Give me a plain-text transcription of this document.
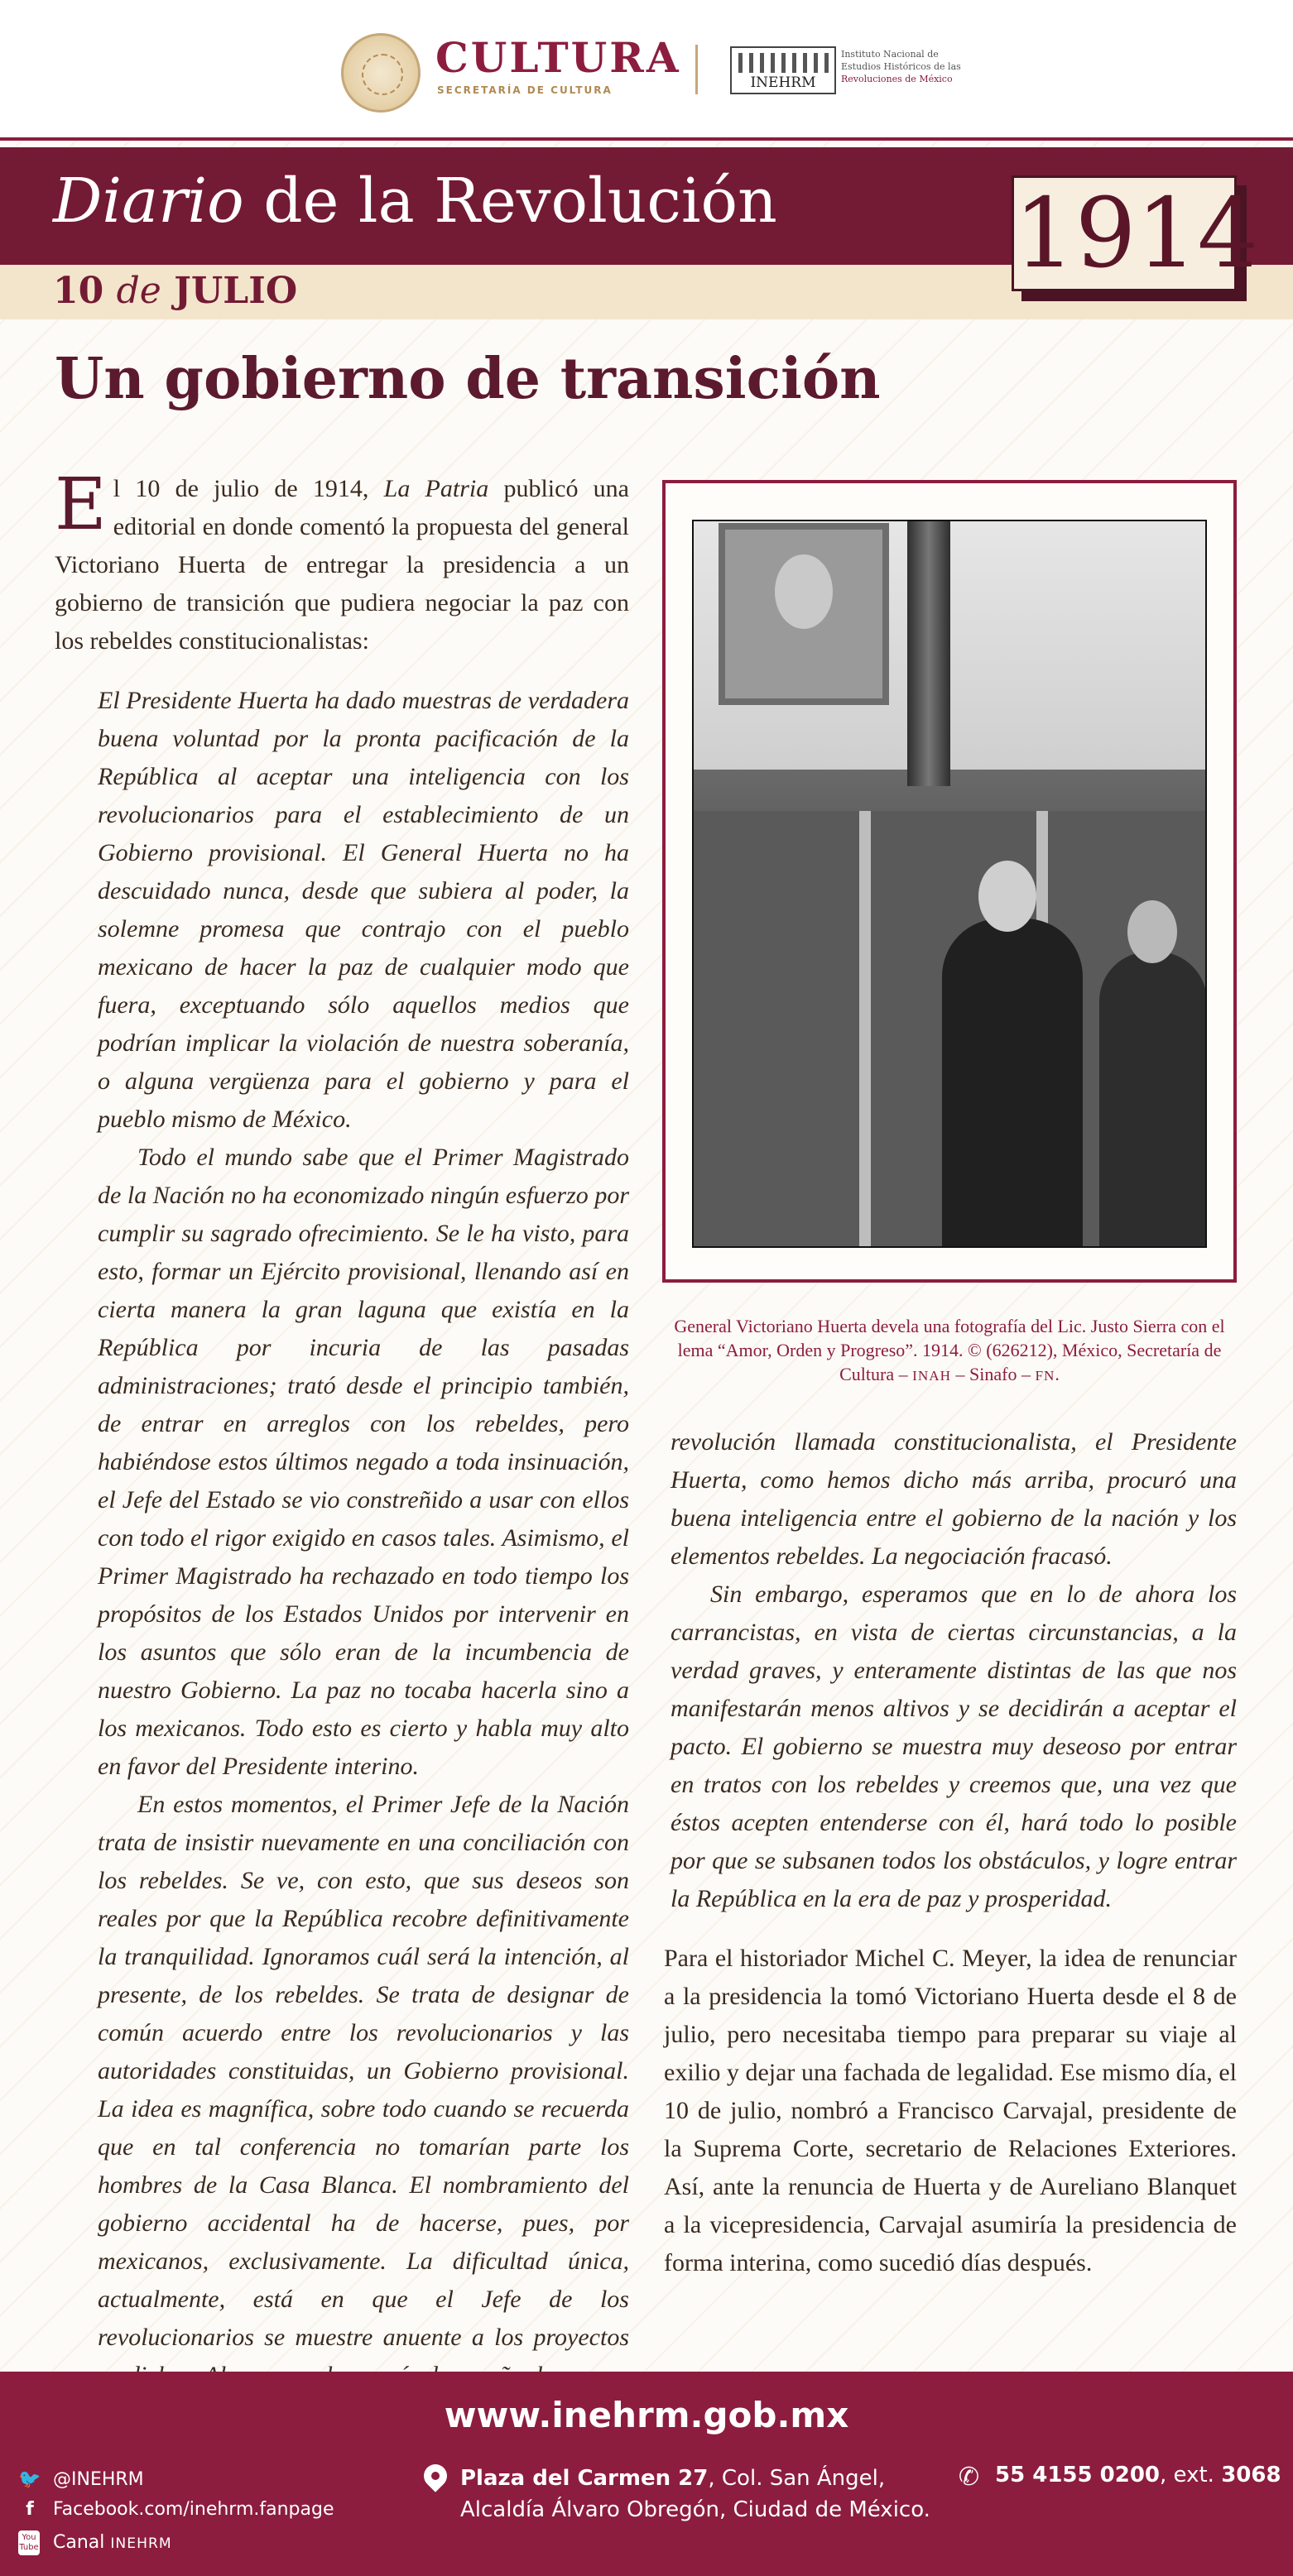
CULTURA
SECRETARÍA DE CULTURA	INEHRM
Instituto Nacional de
Estudios Históricos de las
Revoluciones de México
Diario de la Revolución
10 de JULIO
1914
Un gobierno de transición
El 10 de julio de 1914, La Patria publicó una editorial en donde comentó la propuesta del general Victoriano Huerta de entregar la presidencia a un gobierno de transición que pudiera negociar la paz con los rebeldes constitucionalistas:

El Presidente Huerta ha dado muestras de verdadera buena voluntad por la pronta pacificación de la República al aceptar una inteligencia con los revolucionarios para el establecimiento de un Gobierno provisional. El General Huerta no ha descuidado nunca, desde que subiera al poder, la solemne promesa que contrajo con el pueblo mexicano de hacer la paz de cualquier modo que fuera, exceptuando sólo aquellos medios que podrían implicar la violación de nuestra soberanía, o alguna vergüenza para el gobierno y para el pueblo mismo de México.

Todo el mundo sabe que el Primer Magistrado de la Nación no ha economizado ningún esfuerzo por cumplir su sagrado ofrecimiento. Se le ha visto, para esto, formar un Ejército provisional, llenando así en cierta manera la gran laguna que existía en la República por incuria de las pasadas administraciones; trató desde el principio también, de entrar en arreglos con los rebeldes, pero habiéndose estos últimos negado a toda insinuación, el Jefe del Estado se vio constreñido a usar con ellos con todo el rigor exigido en casos tales. Asimismo, el Primer Magistrado ha rechazado en todo tiempo los propósitos de los Estados Unidos por intervenir en los asuntos que sólo eran de la incumbencia de nuestro Gobierno. La paz no tocaba hacerla sino a los mexicanos. Todo esto es cierto y habla muy alto en favor del Presidente interino.

En estos momentos, el Primer Jefe de la Nación trata de insistir nuevamente en una conciliación con los rebeldes. Se ve, con esto, que sus deseos son reales por que la República recobre definitivamente la tranquilidad. Ignoramos cuál será la intención, al presente, de los rebeldes. Se trata de designar de común acuerdo entre los revolucionarios y las autoridades constituidas, un Gobierno provisional. La idea es magnífica, sobre todo cuando se recuerda que en tal conferencia no tomarían parte los hombres de la Casa Blanca. El nombramiento del gobierno accidental ha de hacerse, pues, por mexicanos, exclusivamente. La dificultad única, actualmente, está en que el Jefe de los revolucionarios se muestre anuente a los proyectos

General Victoriano Huerta devela una fotografía del Lic. Justo Sierra con el lema “Amor, Orden y Progreso”. 1914. © (626212), México, Secretaría de Cultura – INAH – Sinafo – FN.

revolución llamada constitucionalista, el Presidente Huerta, como hemos dicho más arriba, procuró una buena inteligencia entre el gobierno de la nación y los elementos rebeldes. La negociación fracasó.

Sin embargo, esperamos que en lo de ahora los carrancistas, en vista de ciertas circunstancias, a la verdad graves, y enteramente distintas de las que nos manifestarán menos altivos y se decidirán a aceptar el pacto. El gobierno se muestra muy deseoso por entrar en tratos con los rebeldes y creemos que, una vez que éstos acepten entenderse con él, hará todo lo posible por que se subsanen todos los obstáculos, y logre entrar la República en la era de paz y prosperidad.

Para el historiador Michel C. Meyer, la idea de renunciar a la presidencia la tomó Victoriano Huerta desde el 8 de julio, pero necesitaba tiempo para preparar su viaje al exilio y dejar una fachada de legalidad. Ese mismo día, el 10 de julio, nombró a Francisco Carvajal, presidente de la Suprema Corte, secretario de Relaciones Exteriores. Así, ante la renuncia de Huerta y de Aureliano Blanquet a la vicepresidencia, Carvajal asumiría la presidencia de forma interina, como sucedió días después.
www.inehrm.gob.mx
🐦 @INEHRM
f Facebook.com/inehrm.fanpage
You
Tube Canal INEHRM
Plaza del Carmen 27, Col. San Ángel,
Alcaldía Álvaro Obregón, Ciudad de México.
✆ 55 4155 0200, ext. 3068
